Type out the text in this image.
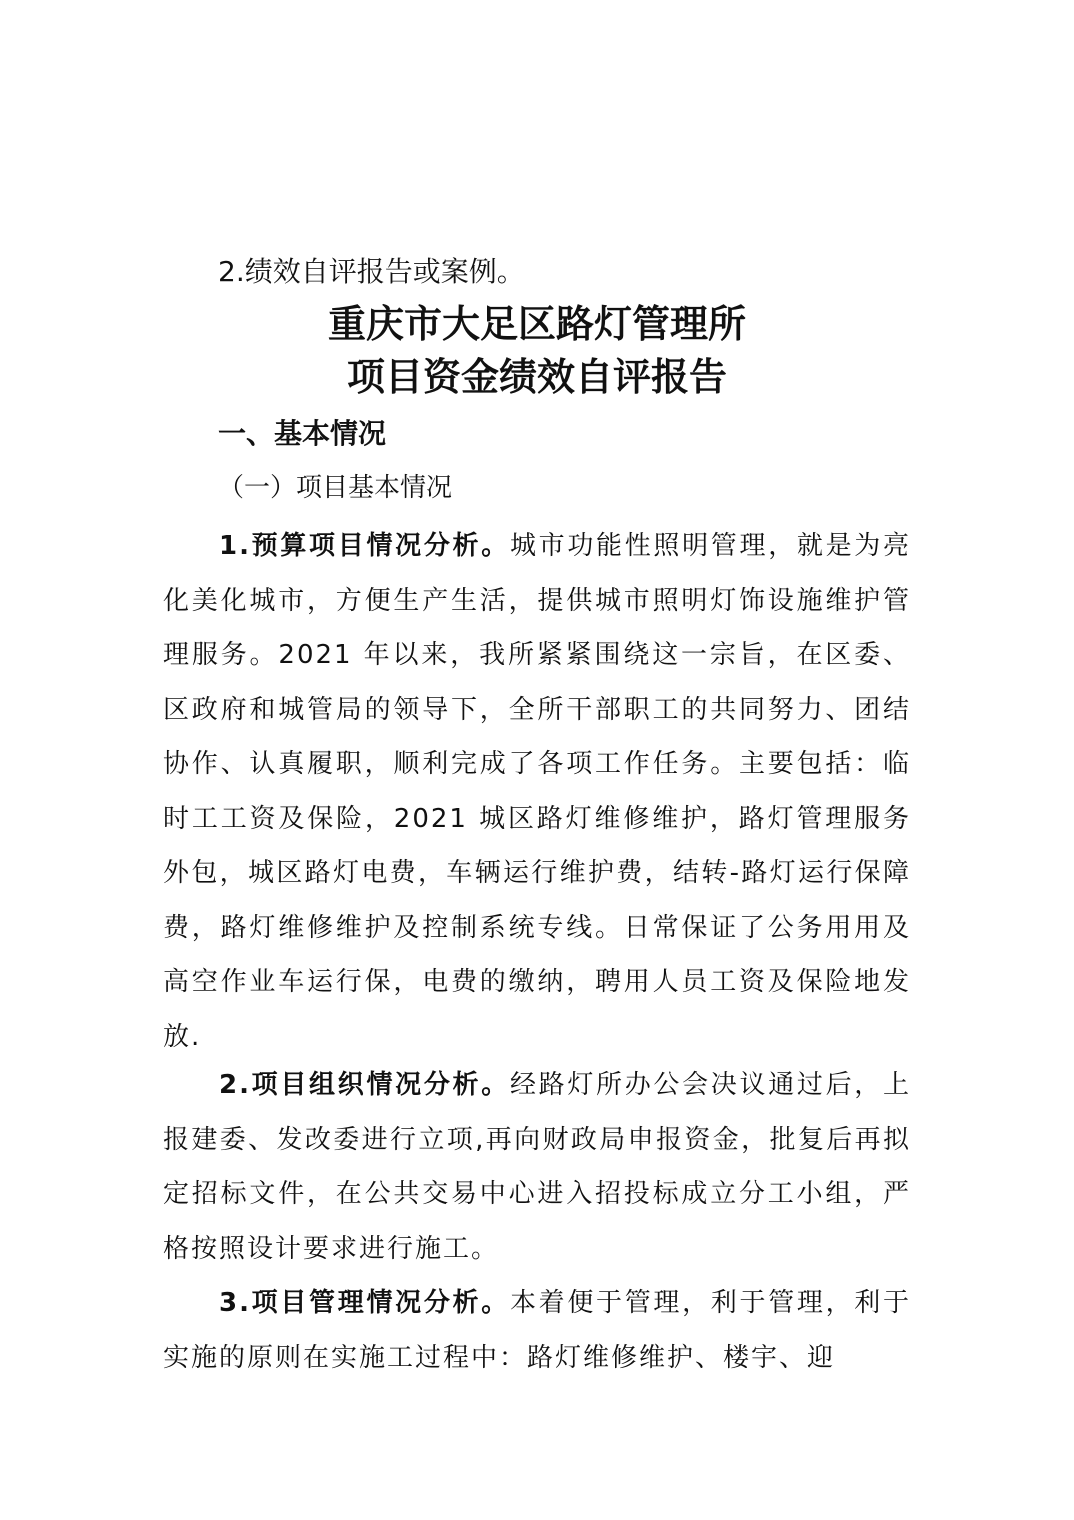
2.绩效自评报告或案例。
重庆市大足区路灯管理所
项目资金绩效自评报告
一、基本情况
（一）项目基本情况
1.预算项目情况分析。城市功能性照明管理，就是为亮化美化城市，方便生产生活，提供城市照明灯饰设施维护管理服务。2021 年以来，我所紧紧围绕这一宗旨，在区委、区政府和城管局的领导下，全所干部职工的共同努力、团结协作、认真履职，顺利完成了各项工作任务。主要包括：临时工工资及保险，2021 城区路灯维修维护，路灯管理服务外包，城区路灯电费，车辆运行维护费，结转-路灯运行保障费，路灯维修维护及控制系统专线。日常保证了公务用用及高空作业车运行保，电费的缴纳，聘用人员工资及保险地发放.
2.项目组织情况分析。经路灯所办公会决议通过后，上报建委、发改委进行立项,再向财政局申报资金，批复后再拟定招标文件，在公共交易中心进入招投标成立分工小组，严格按照设计要求进行施工。
3.项目管理情况分析。本着便于管理，利于管理，利于实施的原则在实施工过程中：路灯维修维护、楼宇、迎
